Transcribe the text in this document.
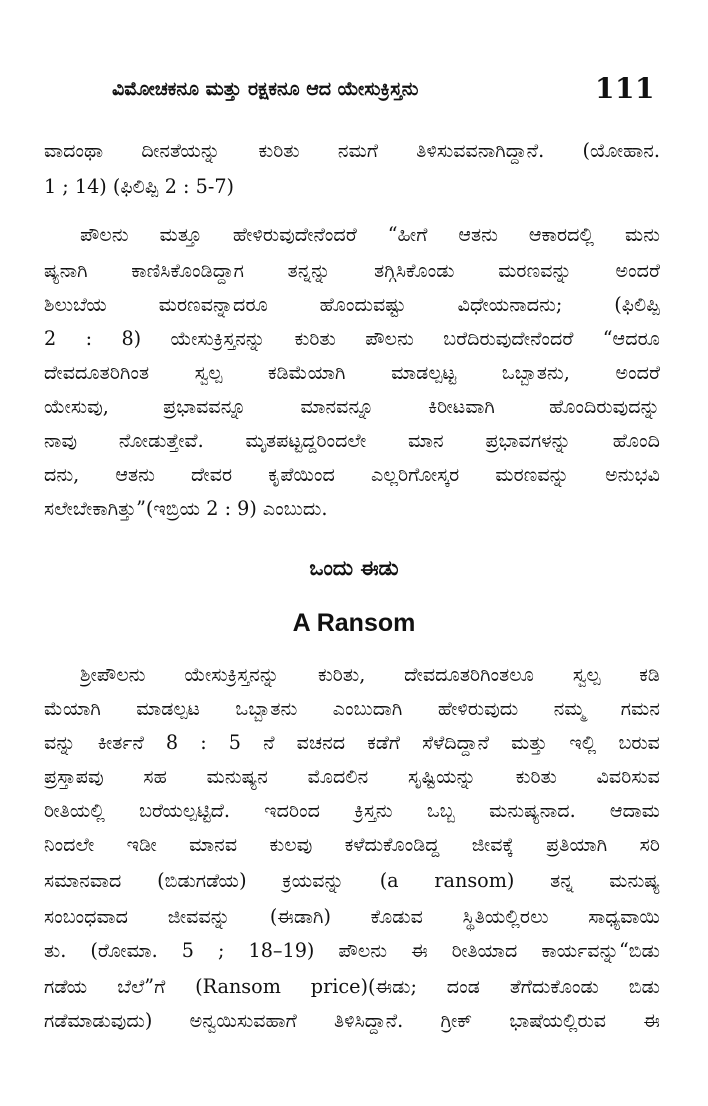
ವಿಮೋಚಕನೂ ಮತ್ತು ರಕ್ಷಕನೂ ಆದ ಯೇಸುಕ್ರಿಸ್ತನು	111
ವಾದಂಥಾ ದೀನತೆಯನ್ನು ಕುರಿತು ನಮಗೆ ತಿಳಿಸುವವನಾಗಿದ್ದಾನೆ. (ಯೋಹಾನ.
1 ; 14) (ಫಿಲಿಪ್ಪಿ 2 : 5-7)
ಪೌಲನು ಮತ್ತೂ ಹೇಳಿರುವುದೇನೆಂದರೆ “ಹೀಗೆ ಆತನು ಆಕಾರದಲ್ಲಿ ಮನು
ಷ್ಯನಾಗಿ ಕಾಣಿಸಿಕೊಂಡಿದ್ದಾಗ ತನ್ನನ್ನು ತಗ್ಗಿಸಿಕೊಂಡು ಮರಣವನ್ನು ಅಂದರೆ
ಶಿಲುಬೆಯ ಮರಣವನ್ನಾದರೂ ಹೊಂದುವಷ್ಟು ವಿಧೇಯನಾದನು; (ಫಿಲಿಪ್ಪಿ
2 : 8) ಯೇಸುಕ್ರಿಸ್ತನನ್ನು ಕುರಿತು ಪೌಲನು ಬರೆದಿರುವುದೇನೆಂದರೆ “ಆದರೂ
ದೇವದೂತರಿಗಿಂತ ಸ್ವಲ್ಪ ಕಡಿಮೆಯಾಗಿ ಮಾಡಲ್ಪಟ್ಟ ಒಬ್ಬಾತನು, ಅಂದರೆ
ಯೇಸುವು, ಪ್ರಭಾವವನ್ನೂ ಮಾನವನ್ನೂ ಕಿರೀಟವಾಗಿ ಹೊಂದಿರುವುದನ್ನು
ನಾವು ನೋಡುತ್ತೇವೆ. ಮೃತಪಟ್ಟದ್ದರಿಂದಲೇ ಮಾನ ಪ್ರಭಾವಗಳನ್ನು ಹೊಂದಿ
ದನು, ಆತನು ದೇವರ ಕೃಪೆಯಿಂದ ಎಲ್ಲರಿಗೋಸ್ಕರ ಮರಣವನ್ನು ಅನುಭವಿ
ಸಲೇಬೇಕಾಗಿತ್ತು”(ಇಬ್ರಿಯ 2 : 9) ಎಂಬುದು.
ಒಂದು ಈಡು
A Ransom
ಶ್ರೀಪೌಲನು ಯೇಸುಕ್ರಿಸ್ತನನ್ನು ಕುರಿತು, ದೇವದೂತರಿಗಿಂತಲೂ ಸ್ವಲ್ಪ ಕಡಿ
ಮೆಯಾಗಿ ಮಾಡಲ್ಪಟ ಒಬ್ಬಾತನು ಎಂಬುದಾಗಿ ಹೇಳಿರುವುದು ನಮ್ಮ ಗಮನ
ವನ್ನು ಕೀರ್ತನೆ 8 : 5 ನೆ ವಚನದ ಕಡೆಗೆ ಸೆಳೆದಿದ್ದಾನೆ ಮತ್ತು ಇಲ್ಲಿ ಬರುವ
ಪ್ರಸ್ತಾಪವು ಸಹ ಮನುಷ್ಯನ ಮೊದಲಿನ ಸೃಷ್ಟಿಯನ್ನು ಕುರಿತು ವಿವರಿಸುವ
ರೀತಿಯಲ್ಲಿ ಬರೆಯಲ್ಪಟ್ಟಿದೆ. ಇದರಿಂದ ಕ್ರಿಸ್ತನು ಒಬ್ಬ ಮನುಷ್ಯನಾದ. ಆದಾಮ
ನಿಂದಲೇ ಇಡೀ ಮಾನವ ಕುಲವು ಕಳೆದುಕೊಂಡಿದ್ದ ಜೀವಕ್ಕೆ ಪ್ರತಿಯಾಗಿ ಸರಿ
ಸಮಾನವಾದ (ಬಿಡುಗಡೆಯ) ಕ್ರಯವನ್ನು (a ransom) ತನ್ನ ಮನುಷ್ಯ
ಸಂಬಂಧವಾದ ಜೀವವನ್ನು (ಈಡಾಗಿ) ಕೊಡುವ ಸ್ಥಿತಿಯಲ್ಲಿರಲು ಸಾಧ್ಯವಾಯಿ
ತು. (ರೋಮಾ. 5 ; 18–19) ಪೌಲನು ಈ ರೀತಿಯಾದ ಕಾರ್ಯವನ್ನು“ಬಿಡು
ಗಡೆಯ ಬೆಲೆ”ಗೆ (Ransom price)(ಈಡು; ದಂಡ ತೆಗೆದುಕೊಂಡು ಬಿಡು
ಗಡೆಮಾಡುವುದು) ಅನ್ವಯಿಸುವಹಾಗೆ ತಿಳಿಸಿದ್ದಾನೆ. ಗ್ರೀಕ್ ಭಾಷೆಯಲ್ಲಿರುವ ಈ
